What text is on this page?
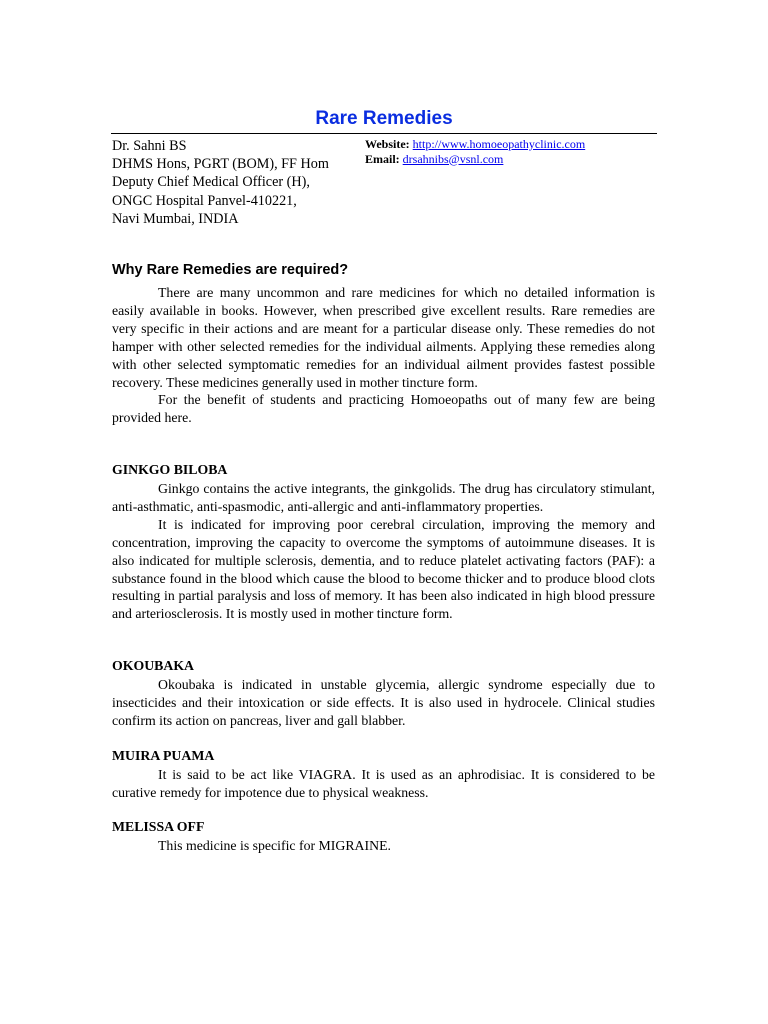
Rare Remedies
Dr. Sahni BS
DHMS Hons, PGRT (BOM), FF Hom
Deputy Chief Medical Officer (H),
ONGC Hospital Panvel-410221,
Navi Mumbai, INDIA
Website: http://www.homoeopathyclinic.com
Email: drsahnibs@vsnl.com
Why Rare Remedies are required?

There are many uncommon and rare medicines for which no detailed information is easily available in books. However, when prescribed give excellent results. Rare remedies are very specific in their actions and are meant for a particular disease only. These remedies do not hamper with other selected remedies for the individual ailments. Applying these remedies along with other selected symptomatic remedies for an individual ailment provides fastest possible recovery. These medicines generally used in mother tincture form.

For the benefit of students and practicing Homoeopaths out of many few are being provided here.

GINKGO BILOBA

Ginkgo contains the active integrants, the ginkgolids. The drug has circulatory stimulant, anti-asthmatic, anti-spasmodic, anti-allergic and anti-inflammatory properties.

It is indicated for improving poor cerebral circulation, improving the memory and concentration, improving the capacity to overcome the symptoms of autoimmune diseases. It is also indicated for multiple sclerosis, dementia, and to reduce platelet activating factors (PAF): a substance found in the blood which cause the blood to become thicker and to produce blood clots resulting in partial paralysis and loss of memory. It has been also indicated in high blood pressure and arteriosclerosis. It is mostly used in mother tincture form.

OKOUBAKA

Okoubaka is indicated in unstable glycemia, allergic syndrome especially due to insecticides and their intoxication or side effects. It is also used in hydrocele. Clinical studies confirm its action on pancreas, liver and gall blabber.

MUIRA PUAMA

It is said to be act like VIAGRA. It is used as an aphrodisiac. It is considered to be curative remedy for impotence due to physical weakness.

MELISSA OFF

This medicine is specific for MIGRAINE.
